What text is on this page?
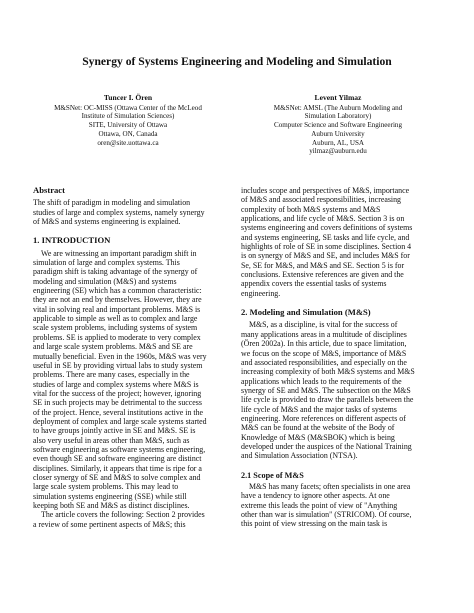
Synergy of Systems Engineering and Modeling and Simulation
Tuncer I. Ören
M&SNet: OC-MISS (Ottawa Center of the McLeod
Institute of Simulation Sciences)
SITE, University of Ottawa
Ottawa, ON, Canada
oren@site.uottawa.ca
Levent Yilmaz
M&SNet: AMSL (The Auburn Modeling and
Simulation Laboratory)
Computer Science and Software Engineering
Auburn University
Auburn, AL, USA
yilmaz@auburn.edu
Abstract
The shift of paradigm in modeling and simulation
studies of large and complex systems, namely synergy
of M&S and systems engineering is explained.
1. INTRODUCTION
We are witnessing an important paradigm shift in
simulation of large and complex systems. This
paradigm shift is taking advantage of the synergy of
modeling and simulation (M&S) and systems
engineering (SE) which has a common characteristic:
they are not an end by themselves. However, they are
vital in solving real and important problems. M&S is
applicable to simple as well as to complex and large
scale system problems, including systems of system
problems. SE is applied to moderate to very complex
and large scale system problems. M&S and SE are
mutually beneficial. Even in the 1960s, M&S was very
useful in SE by providing virtual labs to study system
problems. There are many cases, especially in the
studies of large and complex systems where M&S is
vital for the success of the project; however, ignoring
SE in such projects may be detrimental to the success
of the project. Hence, several institutions active in the
deployment of complex and large scale systems started
to have groups jointly active in SE and M&S. SE is
also very useful in areas other than M&S, such as
software engineering as software systems engineering,
even though SE and software engineering are distinct
disciplines. Similarly, it appears that time is ripe for a
closer synergy of SE and M&S to solve complex and
large scale system problems. This may lead to
simulation systems engineering (SSE) while still
keeping both SE and M&S as distinct disciplines.
The article covers the following: Section 2 provides
a review of some pertinent aspects of M&S; this
includes scope and perspectives of M&S, importance
of M&S and associated responsibilities, increasing
complexity of both M&S systems and M&S
applications, and life cycle of M&S. Section 3 is on
systems engineering and covers definitions of systems
and systems engineering, SE tasks and life cycle, and
highlights of role of SE in some disciplines. Section 4
is on synergy of M&S and SE, and includes M&S for
Se, SE for M&S, and M&S and SE. Section 5 is for
conclusions. Extensive references are given and the
appendix covers the essential tasks of systems
engineering.
2. Modeling and Simulation (M&S)
M&S, as a discipline, is vital for the success of
many applications areas in a multitude of disciplines
(Ören 2002a). In this article, due to space limitation,
we focus on the scope of M&S, importance of M&S
and associated responsibilities, and especially on the
increasing complexity of both M&S systems and M&S
applications which leads to the requirements of the
synergy of SE and M&S. The subsection on the M&S
life cycle is provided to draw the parallels between the
life cycle of M&S and the major tasks of systems
engineering. More references on different aspects of
M&S can be found at the website of the Body of
Knowledge of M&S (M&SBOK) which is being
developed under the auspices of the National Training
and Simulation Association (NTSA).
2.1 Scope of M&S
M&S has many facets; often specialists in one area
have a tendency to ignore other aspects. At one
extreme this leads the point of view of "Anything
other than war is simulation" (STRICOM). Of course,
this point of view stressing on the main task is
